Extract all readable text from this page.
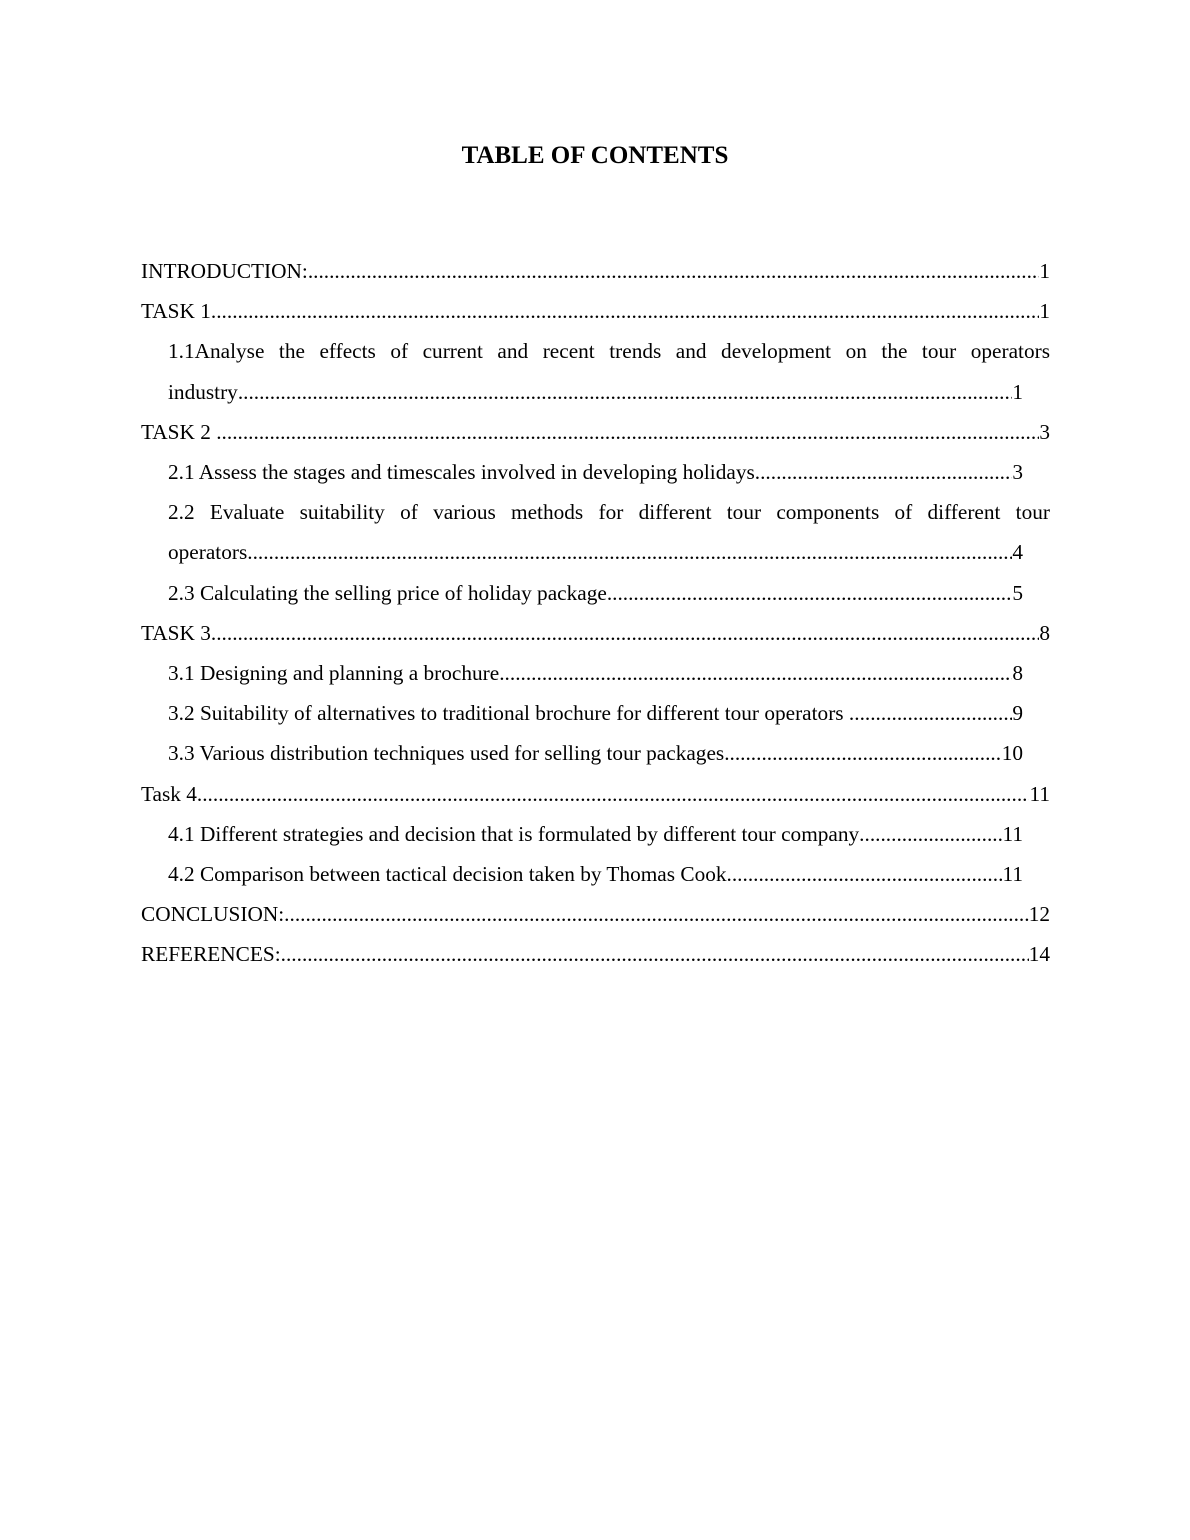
TABLE OF CONTENTS
INTRODUCTION: .....	1
TASK 1 .....	1
1.1Analyse the effects of current and recent trends and development on the tour operators
industry .....	1
TASK 2 .....	3
2.1 Assess the stages and timescales involved in developing holidays .....	3
2.2 Evaluate suitability of various methods for different tour components of different tour
operators .....	4
2.3 Calculating the selling price of holiday package .....	5
TASK 3 .....	8
3.1 Designing and planning a brochure .....	8
3.2 Suitability of alternatives to traditional brochure for different tour operators .....	9
3.3 Various distribution techniques used for selling tour packages .....	10
Task 4 .....	11
4.1 Different strategies and decision that is formulated by different tour company .....	11
4.2 Comparison between tactical decision taken by Thomas Cook .....	11
CONCLUSION: .....	12
REFERENCES: .....	14
